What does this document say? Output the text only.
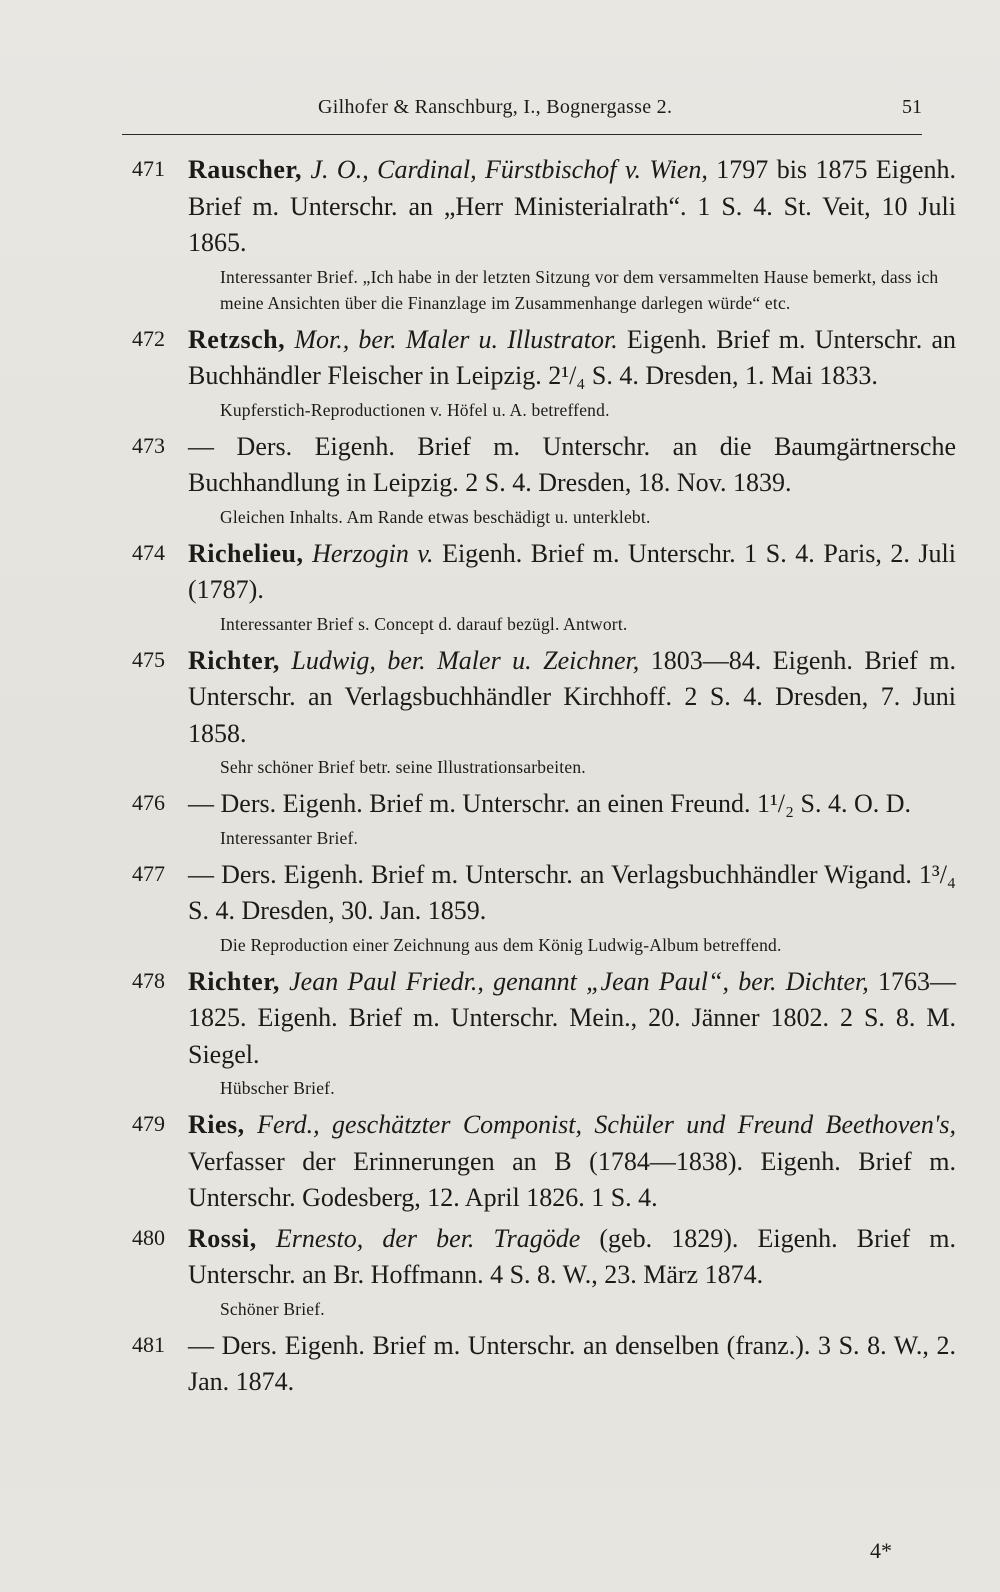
Gilhofer & Ranschburg, I., Bognergasse 2.	51
471 Rauscher, J. O., Cardinal, Fürstbischof v. Wien, 1797 bis 1875 Eigenh. Brief m. Unterschr. an „Herr Ministerialrath“. 1 S. 4. St. Veit, 10 Juli 1865.
Interessanter Brief. „Ich habe in der letzten Sitzung vor dem versammelten Hause bemerkt, dass ich meine Ansichten über die Finanzlage im Zusammenhange darlegen würde“ etc.
472 Retzsch, Mor., ber. Maler u. Illustrator. Eigenh. Brief m. Unterschr. an Buchhändler Fleischer in Leipzig. 2¹/₄ S. 4. Dresden, 1. Mai 1833.
Kupferstich-Reproductionen v. Höfel u. A. betreffend.
473 — Ders. Eigenh. Brief m. Unterschr. an die Baumgärtnersche Buchhandlung in Leipzig. 2 S. 4. Dresden, 18. Nov. 1839.
Gleichen Inhalts. Am Rande etwas beschädigt u. unterklebt.
474 Richelieu, Herzogin v. Eigenh. Brief m. Unterschr. 1 S. 4. Paris, 2. Juli (1787).
Interessanter Brief s. Concept d. darauf bezügl. Antwort.
475 Richter, Ludwig, ber. Maler u. Zeichner, 1803—84. Eigenh. Brief m. Unterschr. an Verlagsbuchhändler Kirchhoff. 2 S. 4. Dresden, 7. Juni 1858.
Sehr schöner Brief betr. seine Illustrationsarbeiten.
476 — Ders. Eigenh. Brief m. Unterschr. an einen Freund. 1¹/₂ S. 4. O. D.
Interessanter Brief.
477 — Ders. Eigenh. Brief m. Unterschr. an Verlagsbuchhändler Wigand. 1³/₄ S. 4. Dresden, 30. Jan. 1859.
Die Reproduction einer Zeichnung aus dem König Ludwig-Album betreffend.
478 Richter, Jean Paul Friedr., genannt „Jean Paul“, ber. Dichter, 1763—1825. Eigenh. Brief m. Unterschr. Mein., 20. Jänner 1802. 2 S. 8. M. Siegel.
Hübscher Brief.
479 Ries, Ferd., geschätzter Componist, Schüler und Freund Beethoven's, Verfasser der Erinnerungen an B (1784—1838). Eigenh. Brief m. Unterschr. Godesberg, 12. April 1826. 1 S. 4.
480 Rossi, Ernesto, der ber. Tragöde (geb. 1829). Eigenh. Brief m. Unterschr. an Br. Hoffmann. 4 S. 8. W., 23. März 1874.
Schöner Brief.
481 — Ders. Eigenh. Brief m. Unterschr. an denselben (franz.). 3 S. 8. W., 2. Jan. 1874.
4*
